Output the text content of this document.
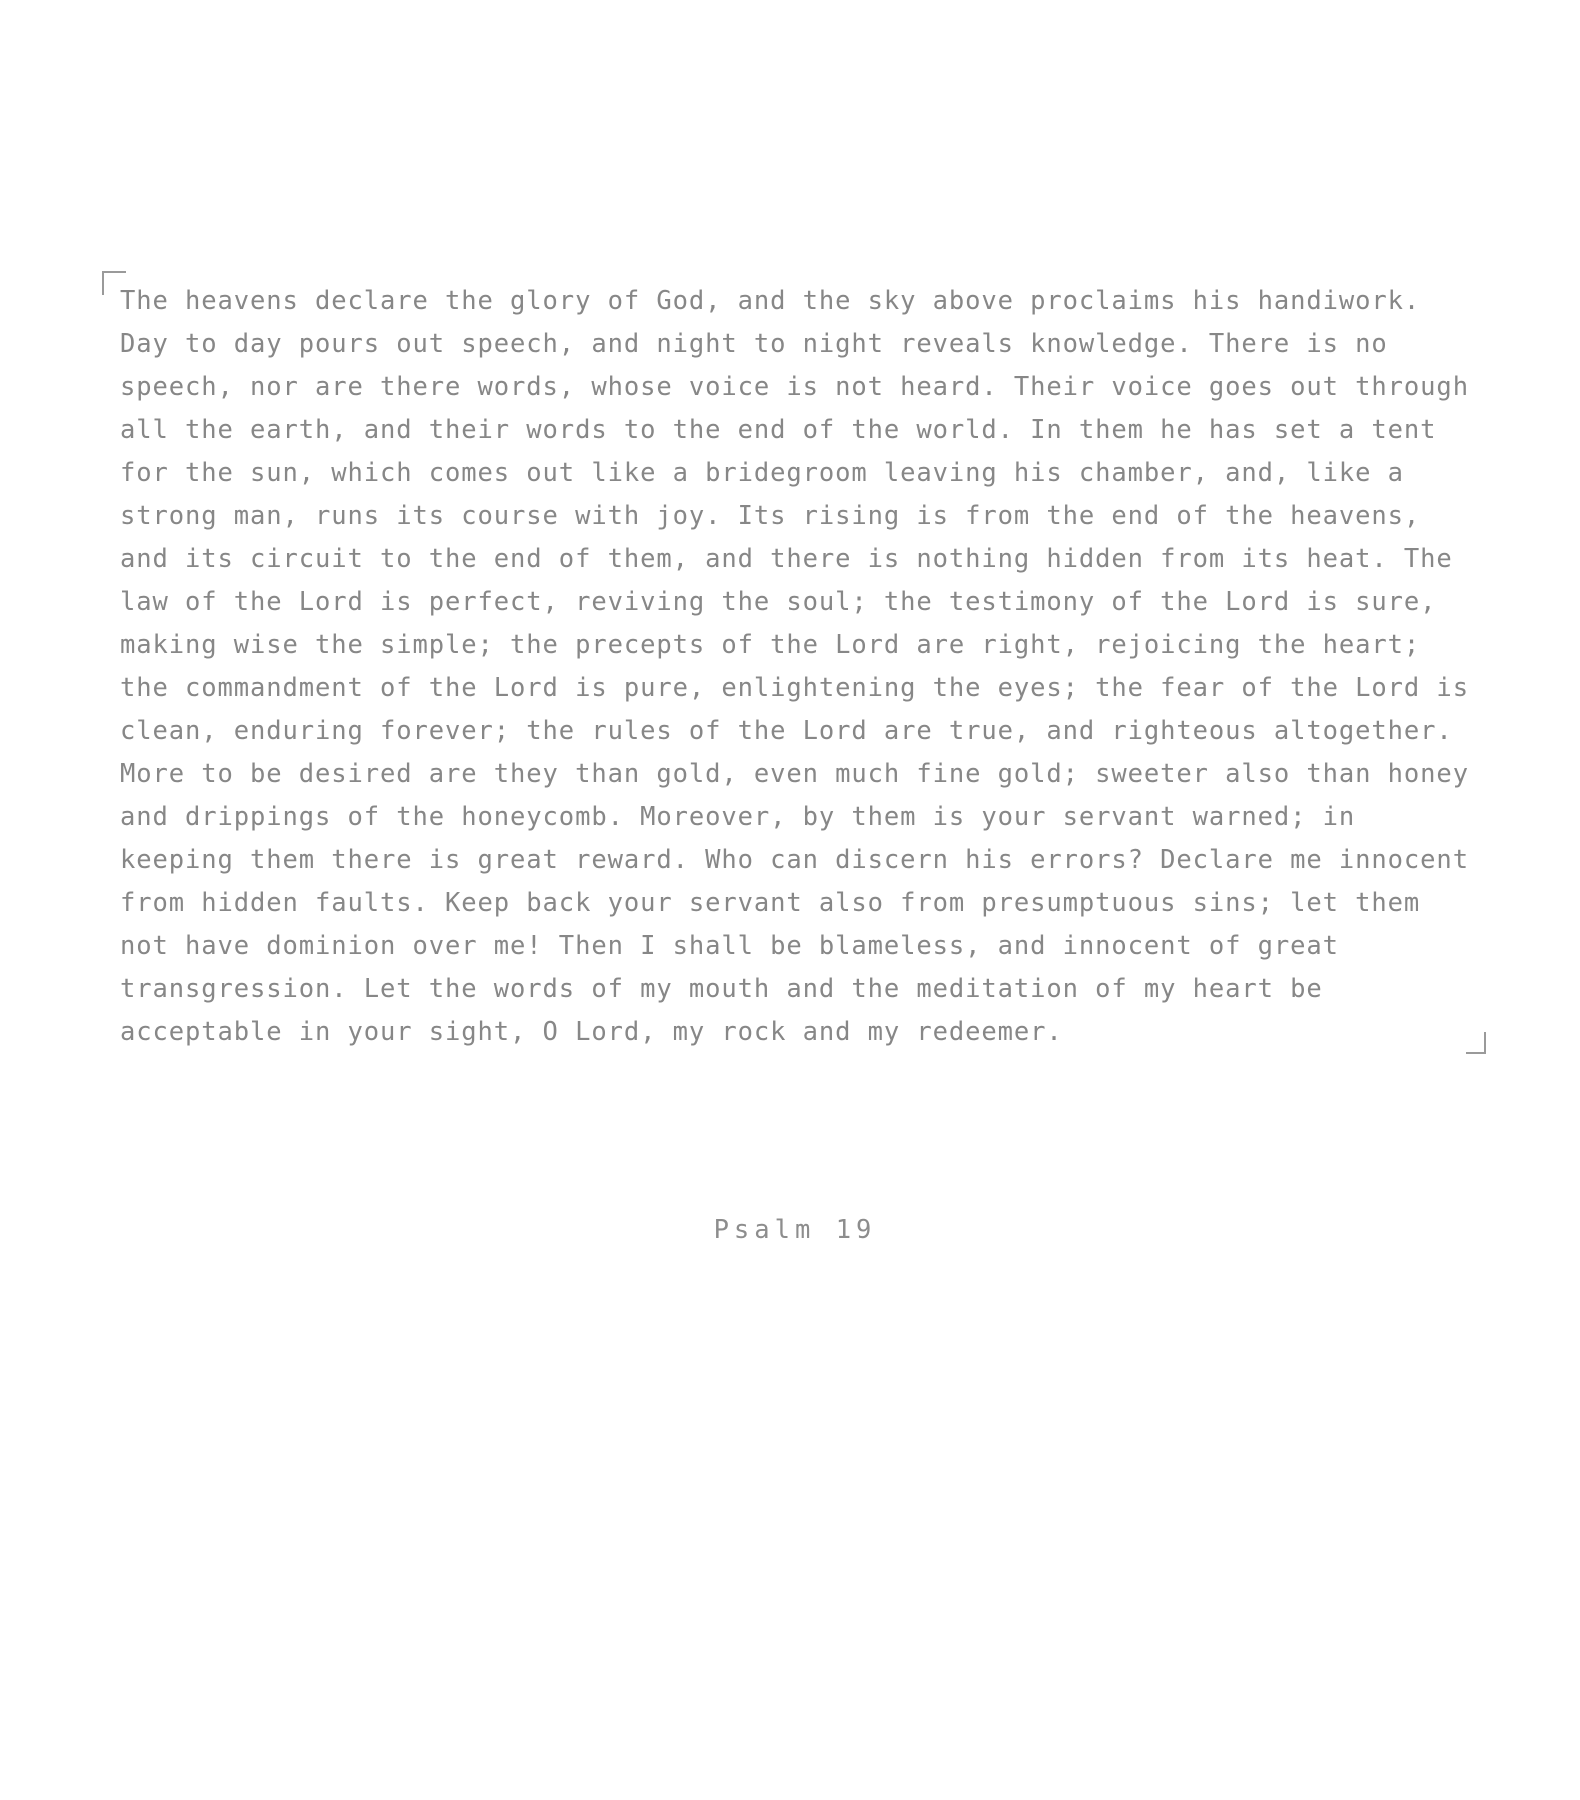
The heavens declare the glory of God, and the sky above proclaims his handiwork. Day to day pours out speech, and night to night reveals knowledge. There is no speech, nor are there words, whose voice is not heard. Their voice goes out through all the earth, and their words to the end of the world. In them he has set a tent for the sun, which comes out like a bridegroom leaving his chamber, and, like a strong man, runs its course with joy. Its rising is from the end of the heavens, and its circuit to the end of them, and there is nothing hidden from its heat. The law of the Lord is perfect, reviving the soul; the testimony of the Lord is sure, making wise the simple; the precepts of the Lord are right, rejoicing the heart; the commandment of the Lord is pure, enlightening the eyes; the fear of the Lord is clean, enduring forever; the rules of the Lord are true, and righteous altogether. More to be desired are they than gold, even much fine gold; sweeter also than honey and drippings of the honeycomb. Moreover, by them is your servant warned; in keeping them there is great reward. Who can discern his errors? Declare me innocent from hidden faults. Keep back your servant also from presumptuous sins; let them not have dominion over me! Then I shall be blameless, and innocent of great transgression. Let the words of my mouth and the meditation of my heart be acceptable in your sight, O Lord, my rock and my redeemer.
Psalm 19
